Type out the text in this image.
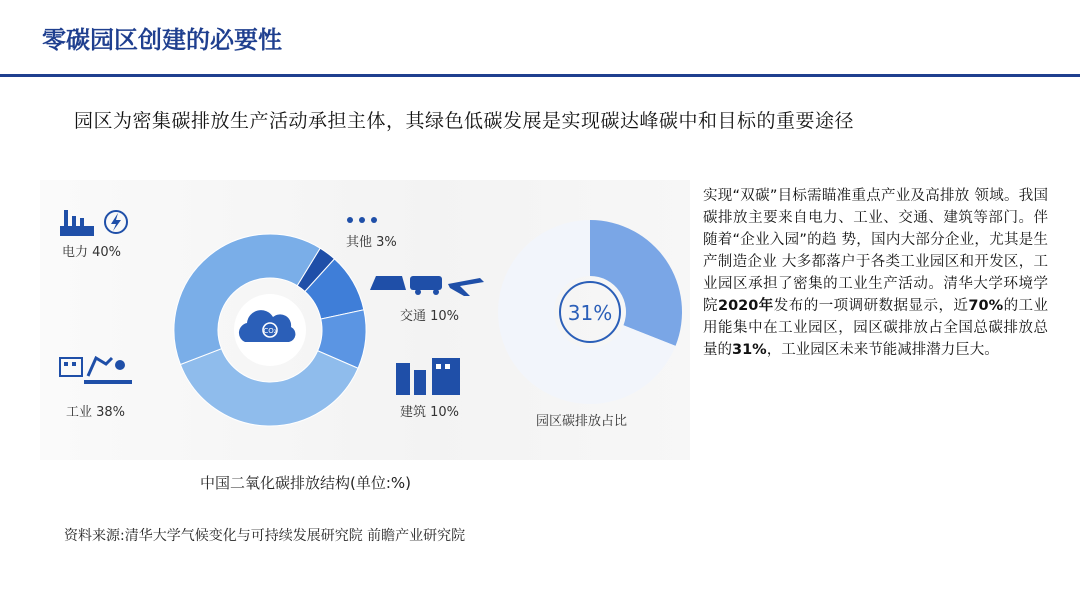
零碳园区创建的必要性
园区为密集碳排放生产活动承担主体，其绿色低碳发展是实现碳达峰碳中和目标的重要途径
CO₂
电力 40%
工业 38%	建筑 10%
交通 10%
其他 3%
31%
园区碳排放占比
中国二氧化碳排放结构(单位:%)
资料来源:清华大学气候变化与可持续发展研究院 前瞻产业研究院
实现“双碳”目标需瞄准重点产业及高排放 领域。我国碳排放主要来自电力、工业、交通、建筑等部门。伴随着“企业入园”的趋 势，国内大部分企业，尤其是生产制造企业 大多都落户于各类工业园区和开发区，工业园区承担了密集的工业生产活动。清华大学环境学院2020年发布的一项调研数据显示，近70%的工业用能集中在工业园区，园区碳排放占全国总碳排放总量的31%，工业园区未来节能减排潜力巨大。
